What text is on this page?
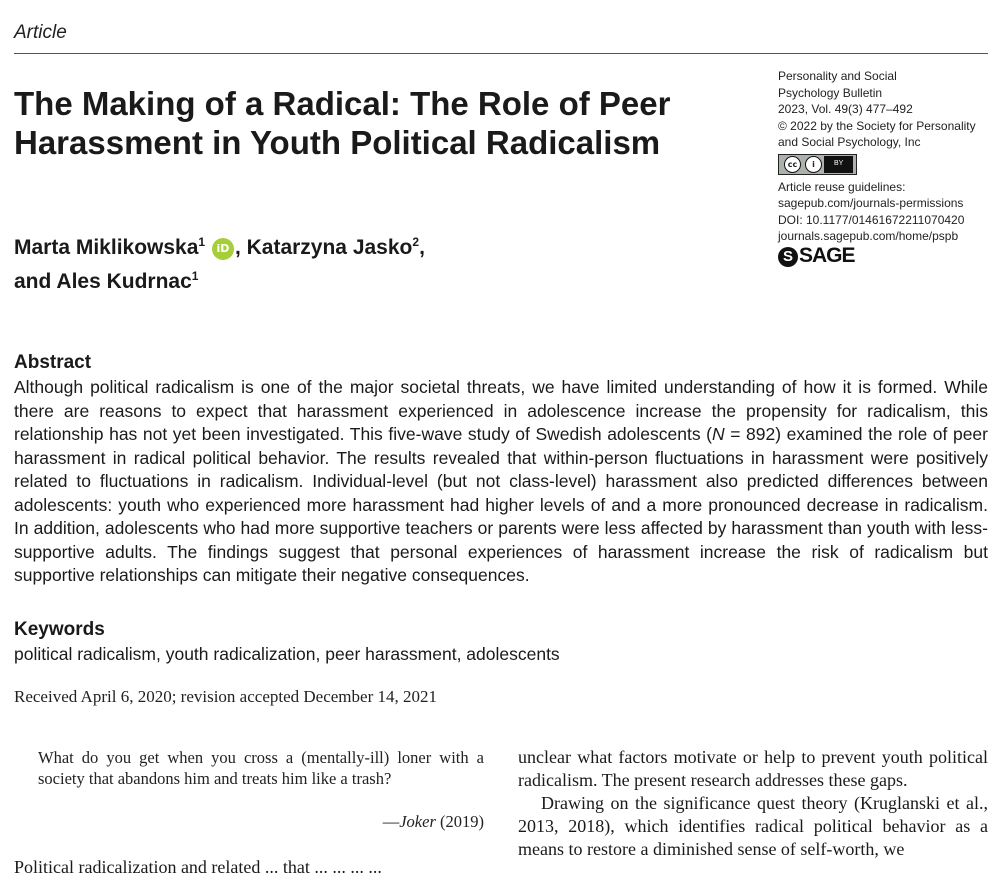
Article
The Making of a Radical: The Role of Peer Harassment in Youth Political Radicalism
Marta Miklikowska$^1$ iD , Katarzyna Jasko$^2$,
and Ales Kudrnac$^1$
Personality and Social
Psychology Bulletin
2023, Vol. 49(3) 477–492
© 2022 by the Society for Personality
and Social Psychology, Inc
cc i	BY
Article reuse guidelines:
sagepub.com/journals-permissions
DOI: 10.1177/01461672211070420
journals.sagepub.com/home/pspb
S SAGE
Abstract

Although political radicalism is one of the major societal threats, we have limited understanding of how it is formed. While there are reasons to expect that harassment experienced in adolescence increase the propensity for radicalism, this relationship has not yet been investigated. This five-wave study of Swedish adolescents (N = 892) examined the role of peer harassment in radical political behavior. The results revealed that within-person fluctuations in harassment were positively related to fluctuations in radicalism. Individual-level (but not class-level) harassment also predicted differences between adolescents: youth who experienced more harassment had higher levels of and a more pronounced decrease in radicalism. In addition, adolescents who had more supportive teachers or parents were less affected by harassment than youth with less-supportive adults. The findings suggest that personal experiences of harassment increase the risk of radicalism but supportive relationships can mitigate their negative consequences.

Keywords
political radicalism, youth radicalization, peer harassment, adolescents
Received April 6, 2020; revision accepted December 14, 2021

What do you get when you cross a (mentally-ill) loner with a society that abandons him and treats him like a trash?

—Joker (2019)

unclear what factors motivate or help to prevent youth political radicalism. The present research addresses these gaps.

Drawing on the significance quest theory (Kruglanski et al., 2013, 2018), which identifies radical political behavior as a means to restore a diminished sense of self-worth, we

Political radicalization and related ... that ... ... ... ...
